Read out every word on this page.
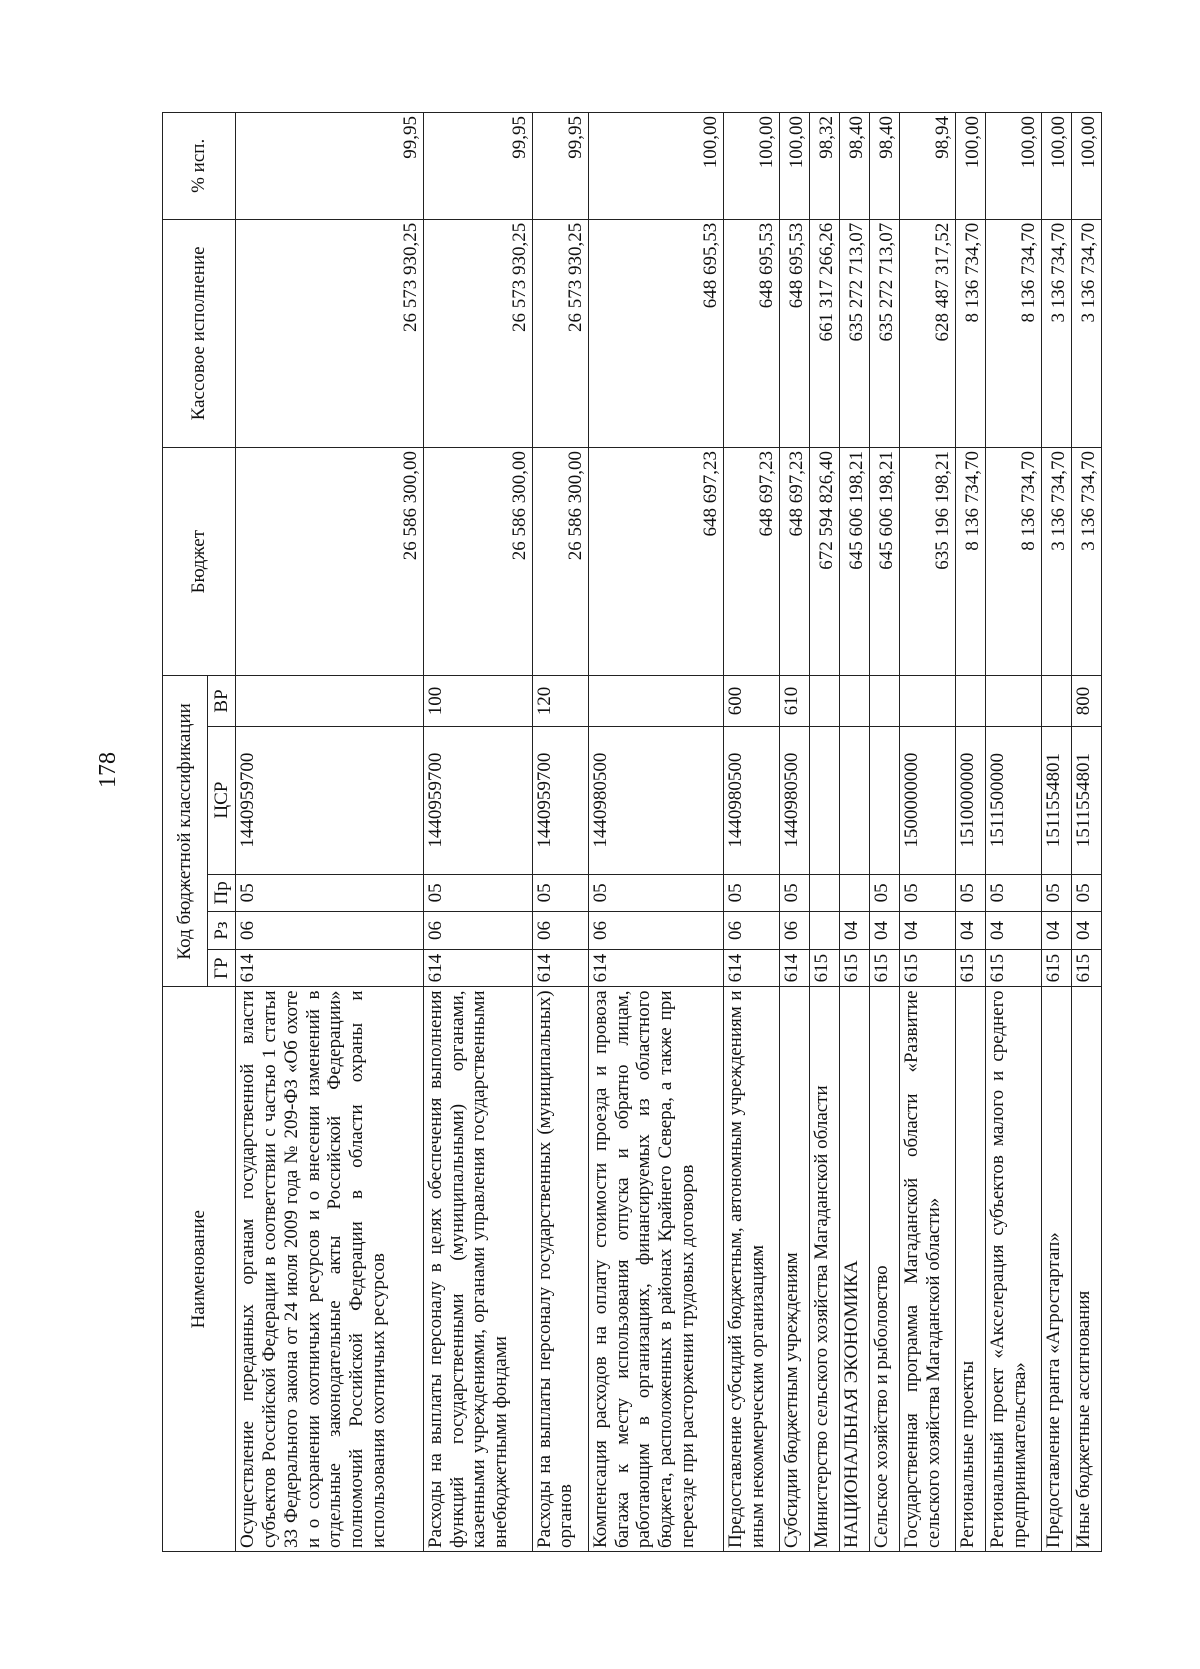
178
Наименование	Код бюджетной классификации					Бюджет	Кассовое исполнение	% исп.
	ГР	Рз	Пр	ЦСР	ВР			
Осуществление переданных органам государственной власти субъектов Российской Федерации в соответствии с частью 1 статьи 33 Федерального закона от 24 июля 2009 года № 209-ФЗ «Об охоте и о сохранении охотничьих ресурсов и о внесении изменений в отдельные законодательные акты Российской Федерации» полномочий Российской Федерации в области охраны и использования охотничьих ресурсов	614	06	05	1440959700		26 586 300,00	26 573 930,25	99,95
Расходы на выплаты персоналу в целях обеспечения выполнения функций государственными (муниципальными) органами, казенными учреждениями, органами управления государственными внебюджетными фондами	614	06	05	1440959700	100	26 586 300,00	26 573 930,25	99,95
Расходы на выплаты персоналу государственных (муниципальных) органов	614	06	05	1440959700	120	26 586 300,00	26 573 930,25	99,95
Компенсация расходов на оплату стоимости проезда и провоза багажа к месту использования отпуска и обратно лицам, работающим в организациях, финансируемых из областного бюджета, расположенных в районах Крайнего Севера, а также при переезде при расторжении трудовых договоров	614	06	05	1440980500		648 697,23	648 695,53	100,00
Предоставление субсидий бюджетным, автономным учреждениям и иным некоммерческим организациям	614	06	05	1440980500	600	648 697,23	648 695,53	100,00
Субсидии бюджетным учреждениям	614	06	05	1440980500	610	648 697,23	648 695,53	100,00
Министерство сельского хозяйства Магаданской области	615					672 594 826,40	661 317 266,26	98,32
НАЦИОНАЛЬНАЯ ЭКОНОМИКА	615	04				645 606 198,21	635 272 713,07	98,40
Сельское хозяйство и рыболовство	615	04	05			645 606 198,21	635 272 713,07	98,40
Государственная программа Магаданской области «Развитие сельского хозяйства Магаданской области»	615	04	05	1500000000		635 196 198,21	628 487 317,52	98,94
Региональные проекты	615	04	05	1510000000		8 136 734,70	8 136 734,70	100,00
Региональный проект «Акселерация субъектов малого и среднего предпринимательства»	615	04	05	1511500000		8 136 734,70	8 136 734,70	100,00
Предоставление гранта «Агростартап»	615	04	05	1511554801		3 136 734,70	3 136 734,70	100,00
Иные бюджетные ассигнования	615	04	05	1511554801	800	3 136 734,70	3 136 734,70	100,00
